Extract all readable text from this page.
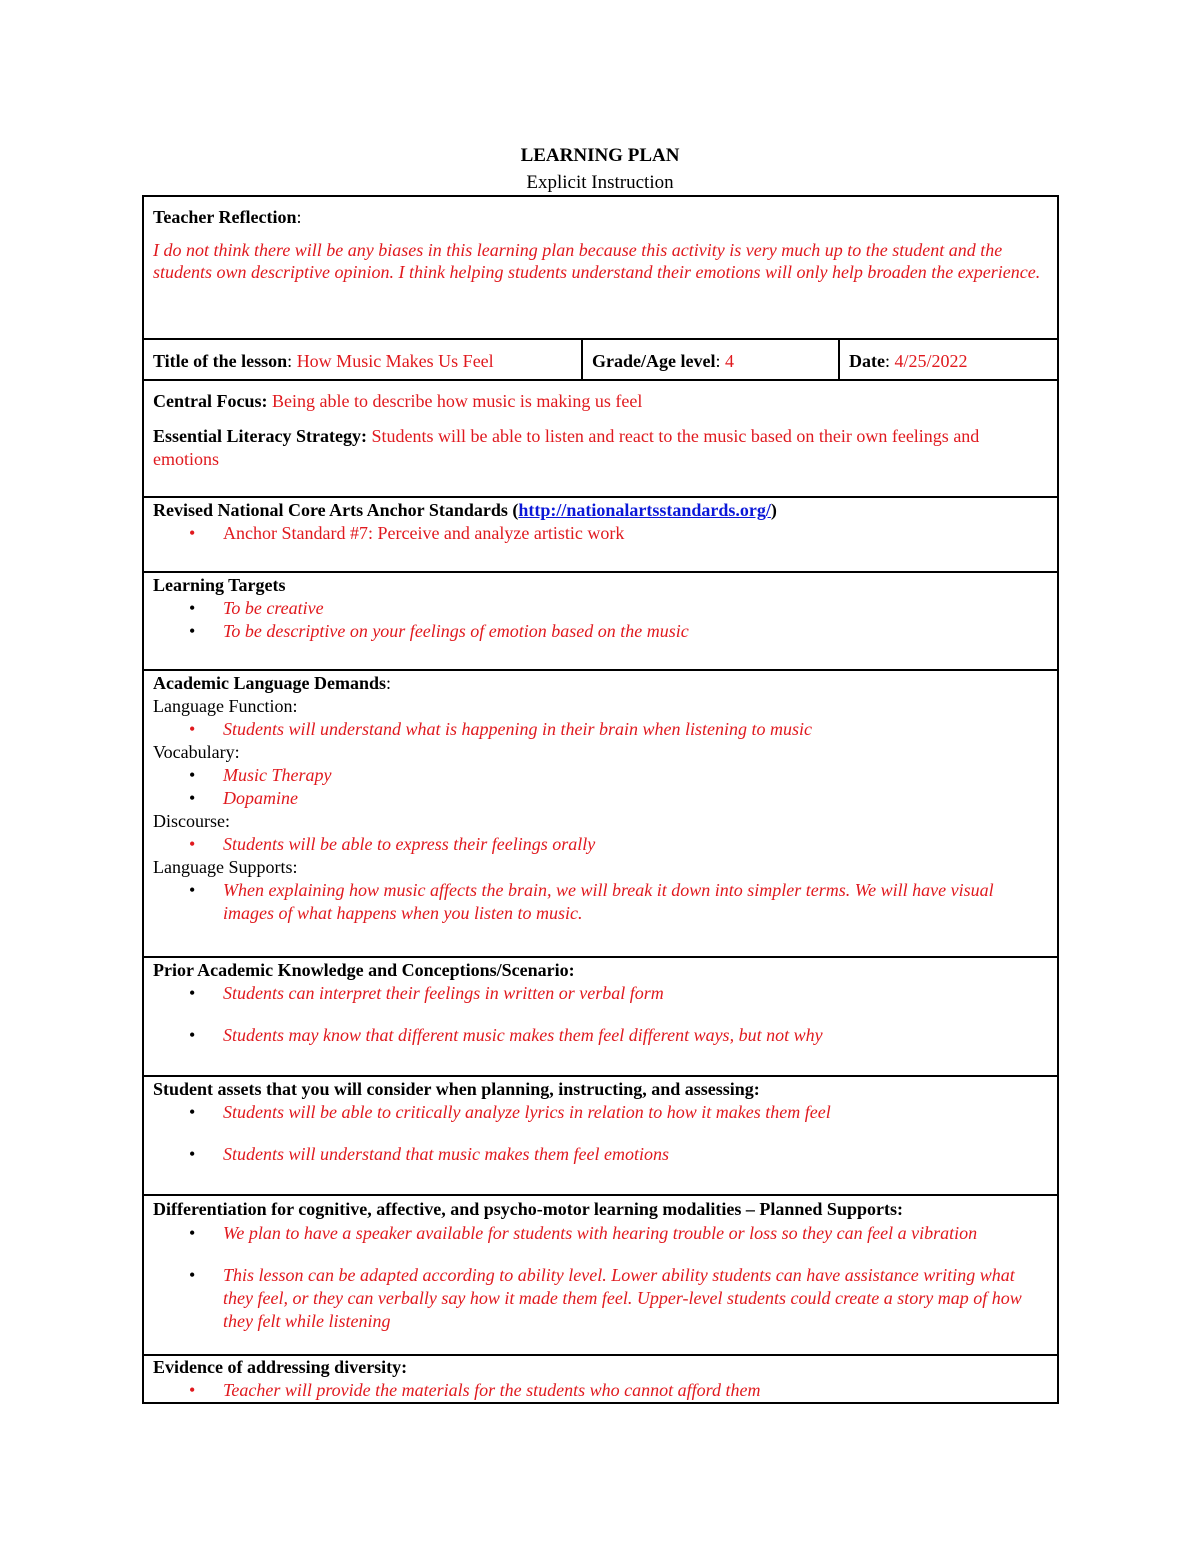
LEARNING PLAN
Explicit Instruction
Teacher Reflection:
I do not think there will be any biases in this learning plan because this activity is very much up to the student and the students own descriptive opinion. I think helping students understand their emotions will only help broaden the experience.
Title of the lesson: How Music Makes Us Feel	Grade/Age level: 4	Date: 4/25/2022
Central Focus: Being able to describe how music is making us feel
Essential Literacy Strategy: Students will be able to listen and react to the music based on their own feelings and emotions
Revised National Core Arts Anchor Standards (http://nationalartsstandards.org/)
• Anchor Standard #7: Perceive and analyze artistic work
Learning Targets
• To be creative
• To be descriptive on your feelings of emotion based on the music
Academic Language Demands:
Language Function:
• Students will understand what is happening in their brain when listening to music
Vocabulary:
• Music Therapy
• Dopamine
Discourse:
• Students will be able to express their feelings orally
Language Supports:
• When explaining how music affects the brain, we will break it down into simpler terms. We will have visual images of what happens when you listen to music.
Prior Academic Knowledge and Conceptions/Scenario:
• Students can interpret their feelings in written or verbal form
• Students may know that different music makes them feel different ways, but not why
Student assets that you will consider when planning, instructing, and assessing:
• Students will be able to critically analyze lyrics in relation to how it makes them feel
• Students will understand that music makes them feel emotions
Differentiation for cognitive, affective, and psycho-motor learning modalities – Planned Supports:
• We plan to have a speaker available for students with hearing trouble or loss so they can feel a vibration
• This lesson can be adapted according to ability level. Lower ability students can have assistance writing what they feel, or they can verbally say how it made them feel. Upper-level students could create a story map of how they felt while listening
Evidence of addressing diversity:
• Teacher will provide the materials for the students who cannot afford them
